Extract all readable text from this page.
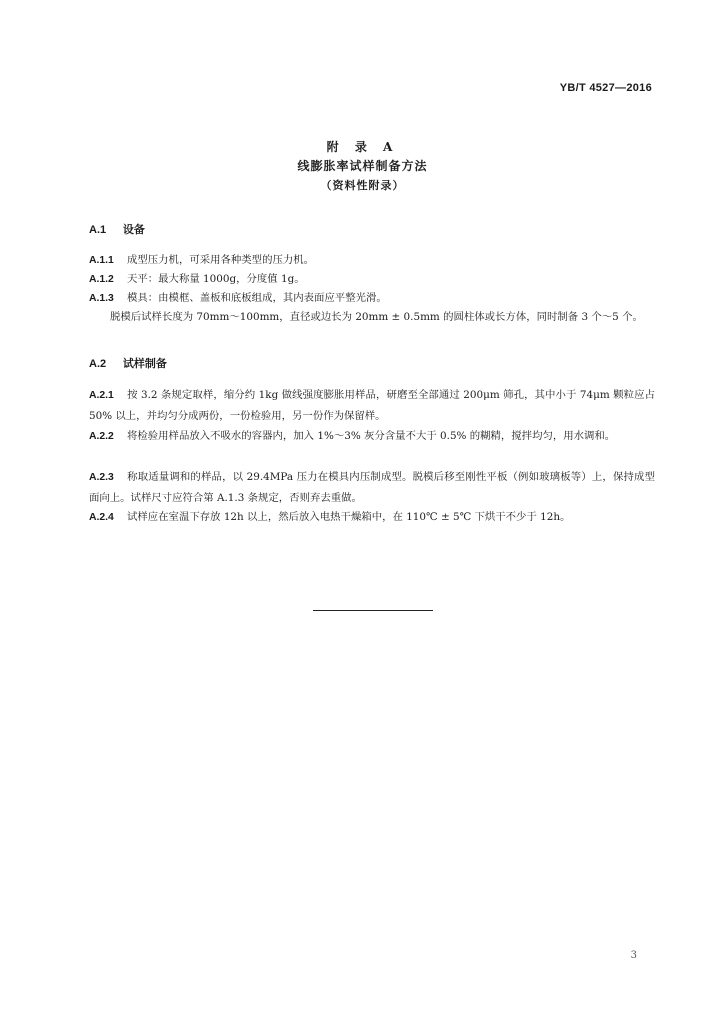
YB/T 4527—2016
附 录 A
线膨胀率试样制备方法
（资料性附录）
A.1 设备
A.1.1 成型压力机，可采用各种类型的压力机。
A.1.2 天平：最大称量 1000g，分度值 1g。
A.1.3 模具：由模框、盖板和底板组成，其内表面应平整光滑。
脱模后试样长度为 70mm～100mm，直径或边长为 20mm ± 0.5mm 的圆柱体或长方体，同时制备 3 个～5 个。
A.2 试样制备
A.2.1 按 3.2 条规定取样，缩分约 1kg 做线强度膨胀用样品，研磨至全部通过 200μm 筛孔，其中小于 74μm 颗粒应占 50% 以上，并均匀分成两份，一份检验用，另一份作为保留样。
A.2.2 将检验用样品放入不吸水的容器内，加入 1%～3% 灰分含量不大于 0.5% 的糊精，搅拌均匀，用水调和。
A.2.3 称取适量调和的样品，以 29.4MPa 压力在模具内压制成型。脱模后移至刚性平板（例如玻璃板等）上，保持成型面向上。试样尺寸应符合第 A.1.3 条规定，否则弃去重做。
A.2.4 试样应在室温下存放 12h 以上，然后放入电热干燥箱中，在 110℃ ± 5℃ 下烘干不少于 12h。
3
